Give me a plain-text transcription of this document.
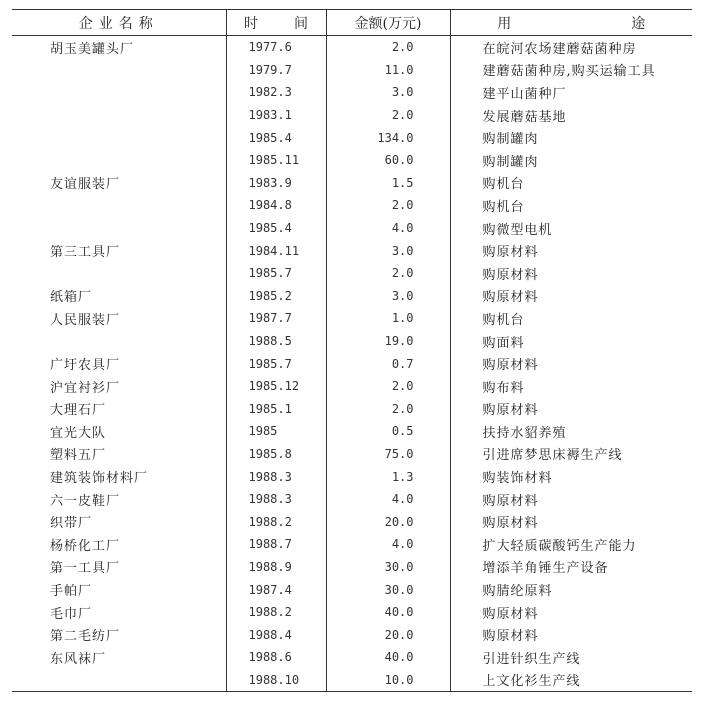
企业名称	时 间	金额(万元)	用 途
胡玉美罐头厂	1977.6	2.0	在皖河农场建蘑菇菌种房
	1979.7	11.0	建蘑菇菌种房,购买运输工具
	1982.3	3.0	建平山菌种厂
	1983.1	2.0	发展蘑菇基地
	1985.4	134.0	购制罐肉
	1985.11	60.0	购制罐肉
友谊服装厂	1983.9	1.5	购机台
	1984.8	2.0	购机台
	1985.4	4.0	购微型电机
第三工具厂	1984.11	3.0	购原材料
	1985.7	2.0	购原材料
纸箱厂	1985.2	3.0	购原材料
人民服装厂	1987.7	1.0	购机台
	1988.5	19.0	购面料
广圩农具厂	1985.7	0.7	购原材料
沪宜衬衫厂	1985.12	2.0	购布料
大理石厂	1985.1	2.0	购原材料
宜光大队	1985	0.5	扶持水貂养殖
塑料五厂	1985.8	75.0	引进席梦思床褥生产线
建筑装饰材料厂	1988.3	1.3	购装饰材料
六一皮鞋厂	1988.3	4.0	购原材料
织带厂	1988.2	20.0	购原材料
杨桥化工厂	1988.7	4.0	扩大轻质碳酸钙生产能力
第一工具厂	1988.9	30.0	增添羊角锤生产设备
手帕厂	1987.4	30.0	购腈纶原料
毛巾厂	1988.2	40.0	购原材料
第二毛纺厂	1988.4	20.0	购原材料
东风袜厂	1988.6	40.0	引进针织生产线
	1988.10	10.0	上文化衫生产线
